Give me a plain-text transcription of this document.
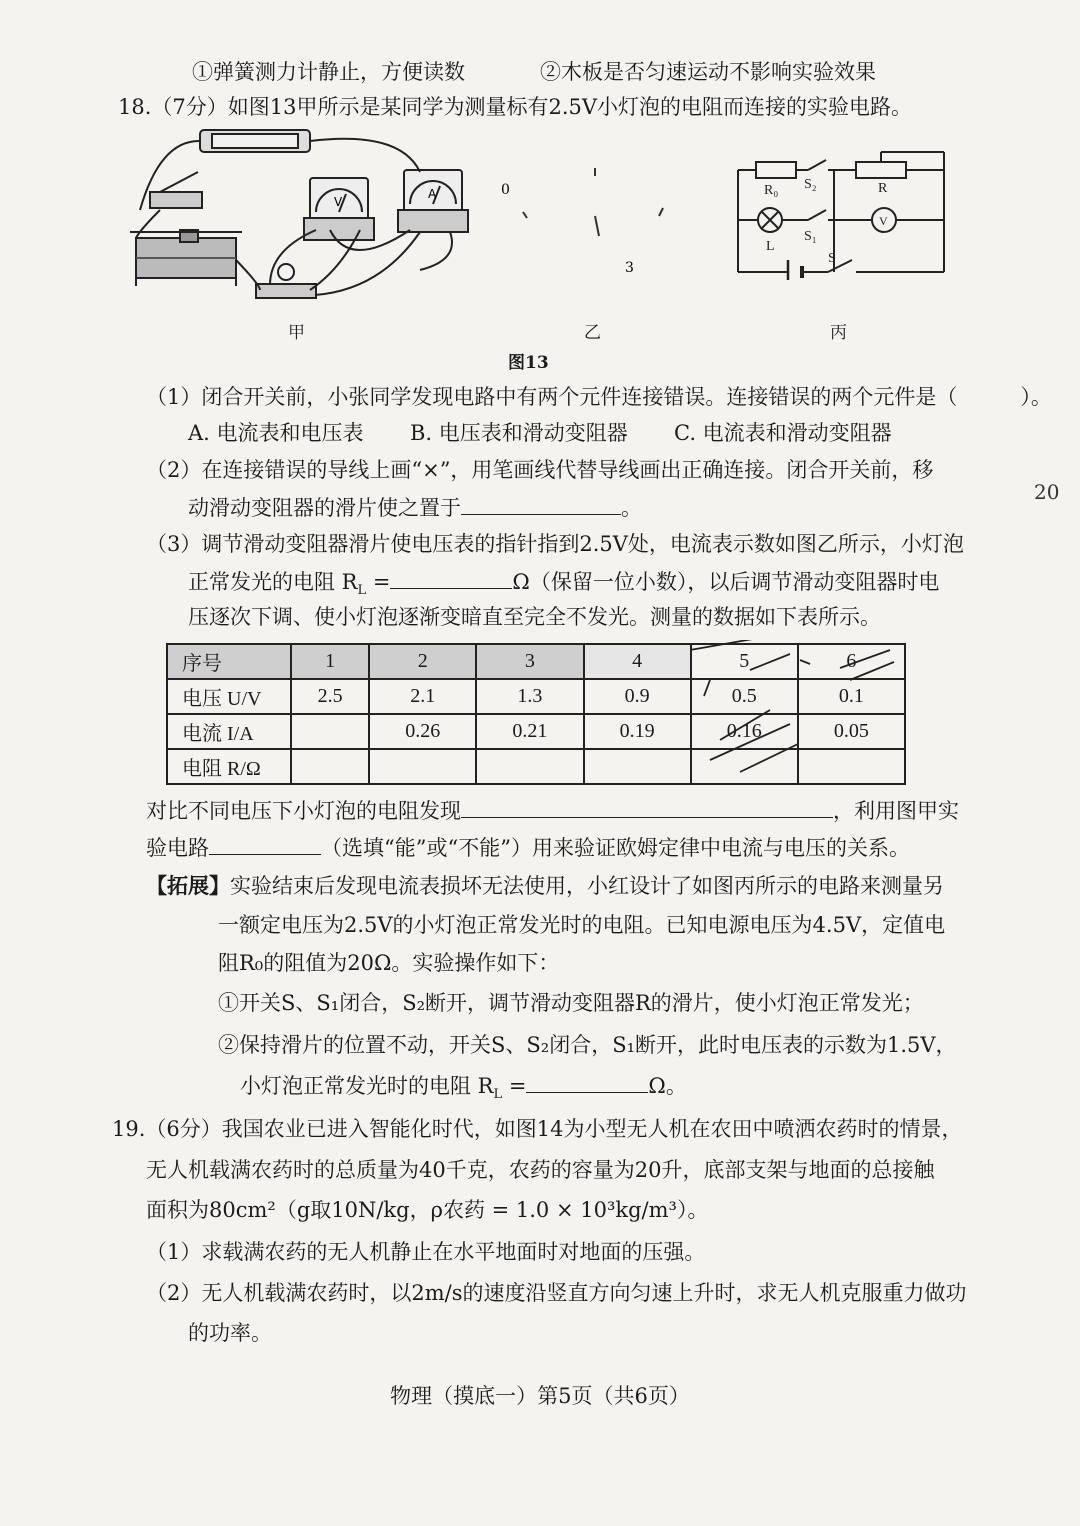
①弹簧测力计静止，方便读数	②木板是否匀速运动不影响实验效果
18.（7分）如图13甲所示是某同学为测量标有2.5V小灯泡的电阻而连接的实验电路。
V
A
甲
0
3
乙
R₀ S₂	R
L
S₁
S
V
丙
图13
（1）闭合开关前，小张同学发现电路中有两个元件连接错误。连接错误的两个元件是（　　　）。
A. 电流表和电压表 B. 电压表和滑动变阻器 C. 电流表和滑动变阻器
（2）在连接错误的导线上画“×”，用笔画线代替导线画出正确连接。闭合开关前，移
动滑动变阻器的滑片使之置于	。
（3）调节滑动变阻器滑片使电压表的指针指到2.5V处，电流表示数如图乙所示，小灯泡
正常发光的电阻 $R_L$ =	Ω（保留一位小数），以后调节滑动变阻器时电
压逐次下调、使小灯泡逐渐变暗直至完全不发光。测量的数据如下表所示。
序号	1	2	3	4	5	6
电压 U/V	2.5	2.1	1.3	0.9	0.5	0.1
电流 I/A		0.26	0.21	0.19	0.16	0.05
电阻 R/Ω						
对比不同电压下小灯泡的电阻发现	，利用图甲实
验电路	（选填“能”或“不能”）用来验证欧姆定律中电流与电压的关系。
【拓展】实验结束后发现电流表损坏无法使用，小红设计了如图丙所示的电路来测量另
一额定电压为2.5V的小灯泡正常发光时的电阻。已知电源电压为4.5V，定值电
阻R₀的阻值为20Ω。实验操作如下：
①开关S、S₁闭合，S₂断开，调节滑动变阻器R的滑片，使小灯泡正常发光；
②保持滑片的位置不动，开关S、S₂闭合，S₁断开，此时电压表的示数为1.5V，
小灯泡正常发光时的电阻 $R_L$ =	Ω。
19.（6分）我国农业已进入智能化时代，如图14为小型无人机在农田中喷洒农药时的情景，
无人机载满农药时的总质量为40千克，农药的容量为20升，底部支架与地面的总接触
面积为80cm²（g取10N/kg，ρ农药 = 1.0 × 10³kg/m³）。
（1）求载满农药的无人机静止在水平地面时对地面的压强。
（2）无人机载满农药时，以2m/s的速度沿竖直方向匀速上升时，求无人机克服重力做功
的功率。
20
物理（摸底一）第5页（共6页）
